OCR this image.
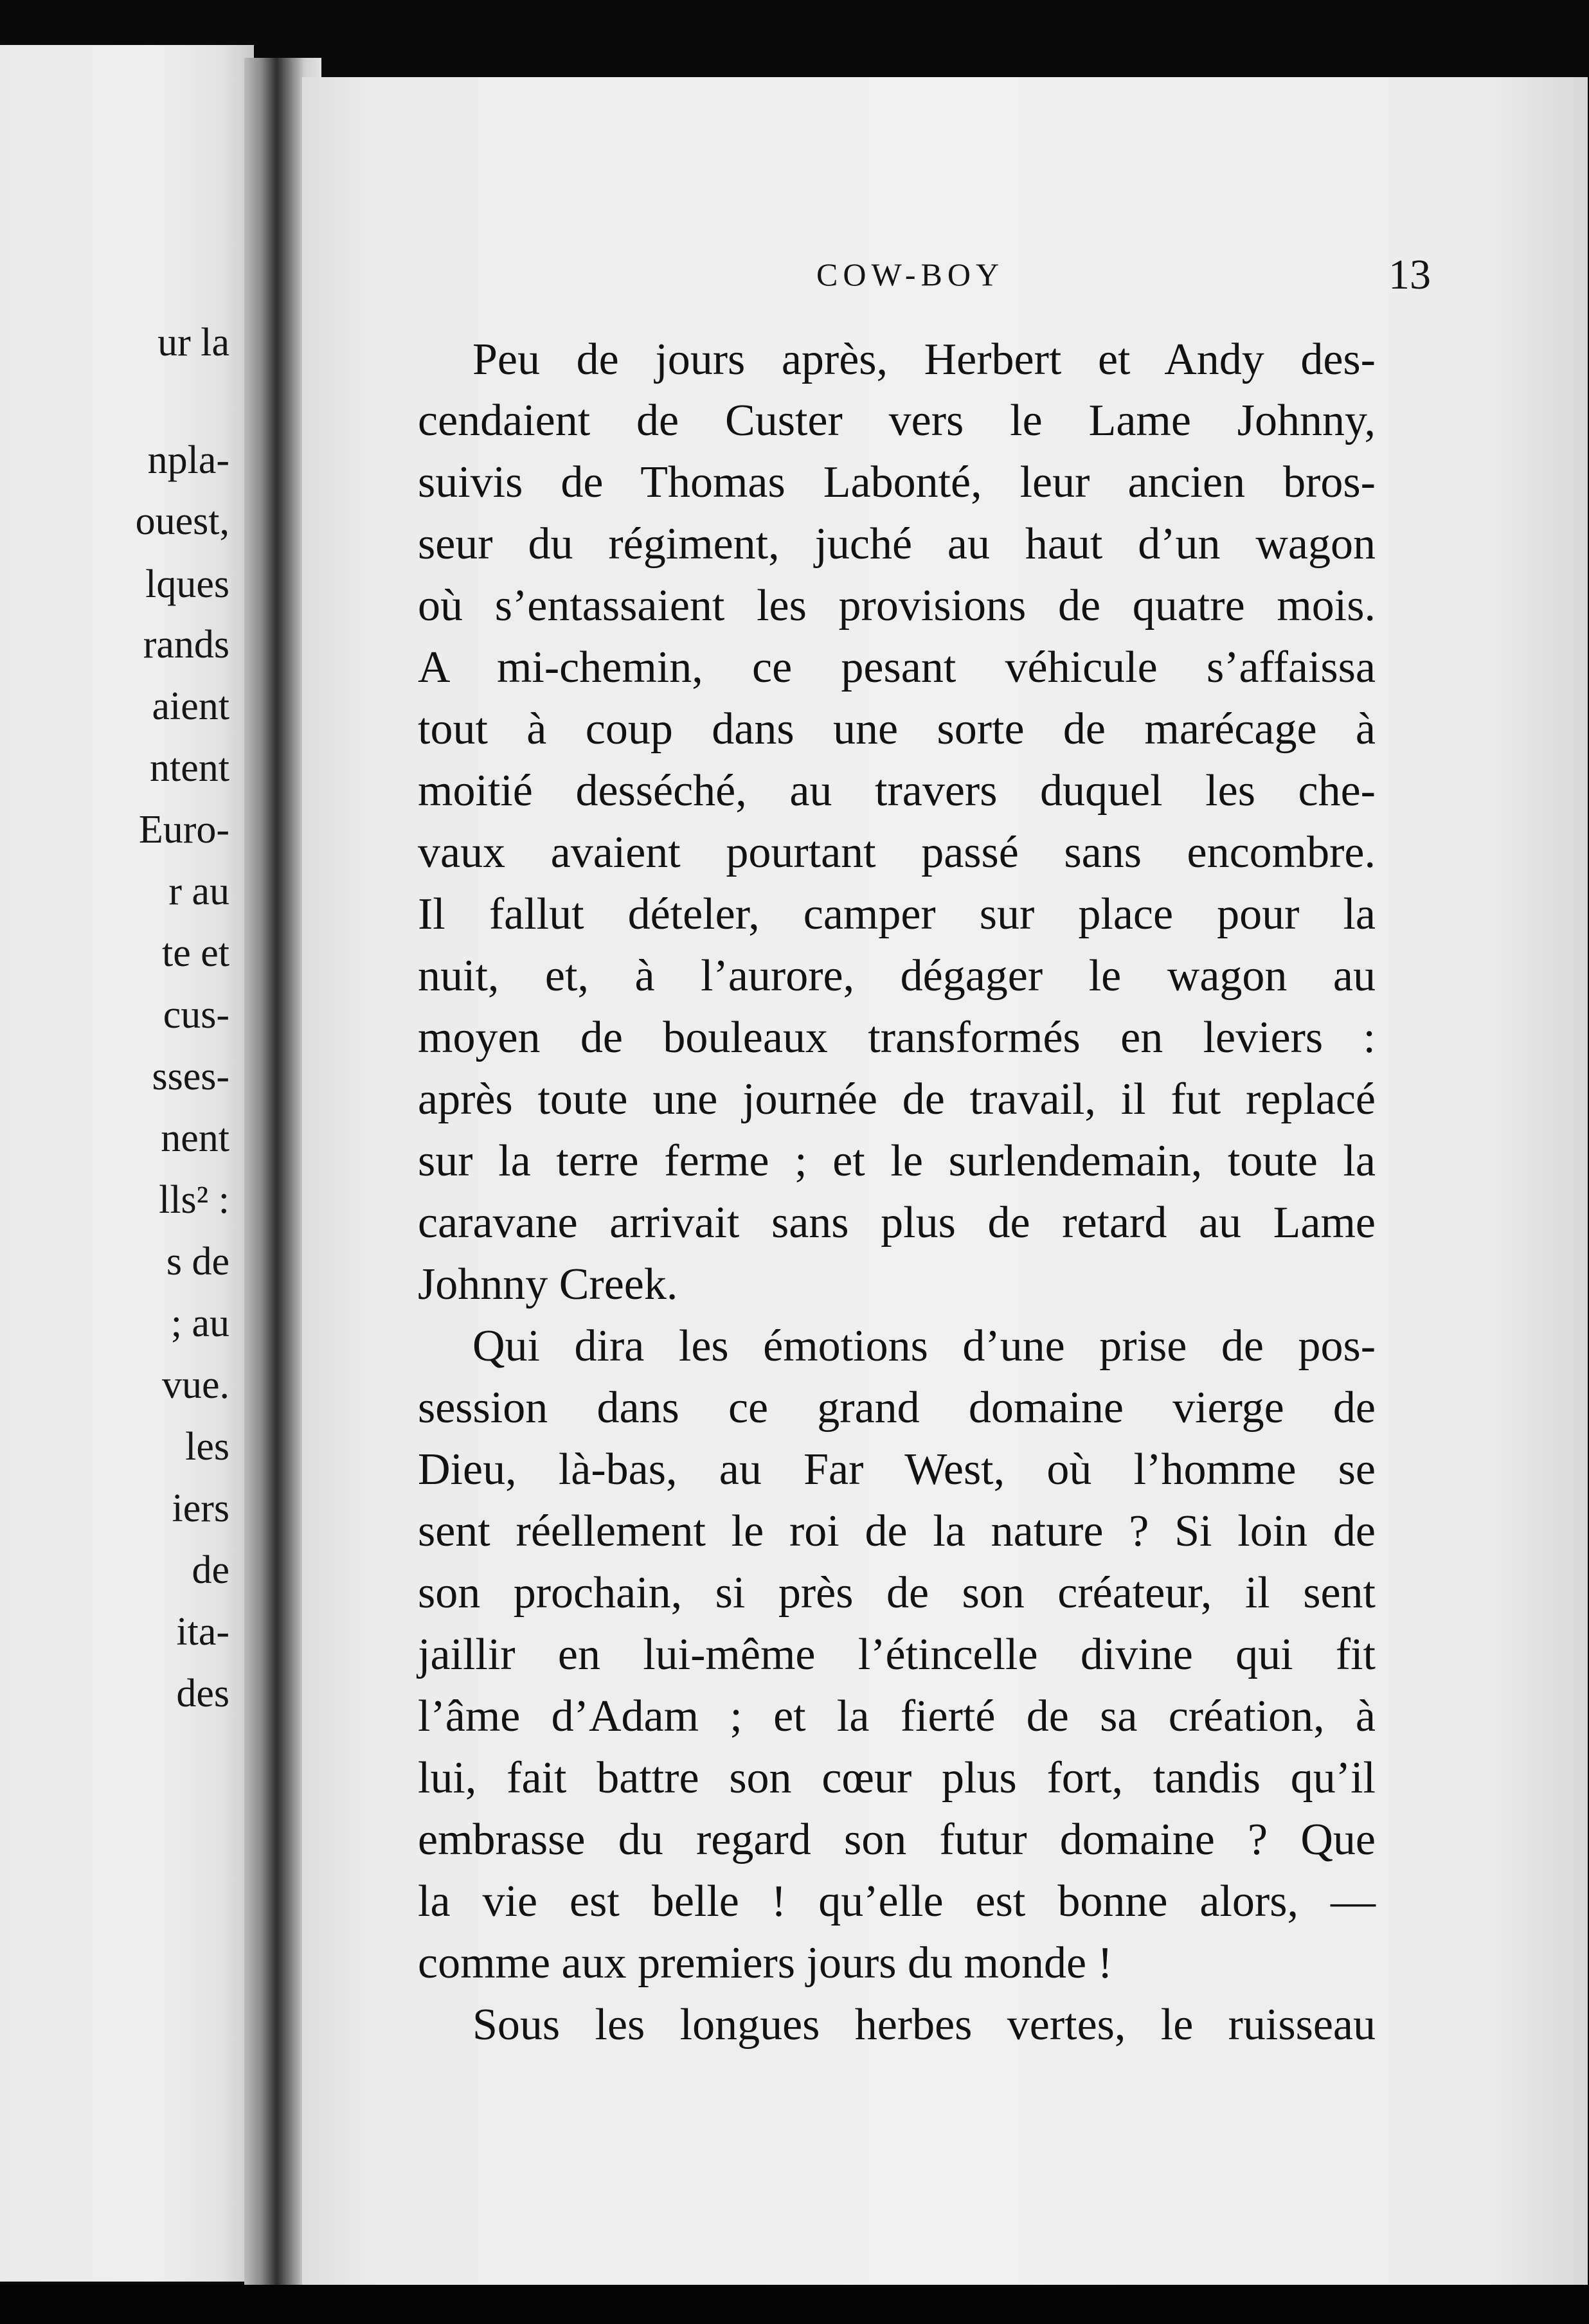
ur la

npla-

ouest,

lques

rands

aient

ntent

Euro-

r au

te et

cus-

sses-

nent

lls² :

s de

; au

vue.

les

iers

de

ita-

des

COW-BOY	13

Peu de jours après, Herbert et Andy des-

cendaient de Custer vers le Lame Johnny,

suivis de Thomas Labonté, leur ancien bros-

seur du régiment, juché au haut d’un wagon

où s’entassaient les provisions de quatre mois.

A mi-chemin, ce pesant véhicule s’affaissa

tout à coup dans une sorte de marécage à

moitié desséché, au travers duquel les che-

vaux avaient pourtant passé sans encombre.

Il fallut dételer, camper sur place pour la

nuit, et, à l’aurore, dégager le wagon au

moyen de bouleaux transformés en leviers :

après toute une journée de travail, il fut replacé

sur la terre ferme ; et le surlendemain, toute la

caravane arrivait sans plus de retard au Lame

Johnny Creek.

Qui dira les émotions d’une prise de pos-

session dans ce grand domaine vierge de

Dieu, là-bas, au Far West, où l’homme se

sent réellement le roi de la nature ? Si loin de

son prochain, si près de son créateur, il sent

jaillir en lui-même l’étincelle divine qui fit

l’âme d’Adam ; et la fierté de sa création, à

lui, fait battre son cœur plus fort, tandis qu’il

embrasse du regard son futur domaine ? Que

la vie est belle ! qu’elle est bonne alors, —

comme aux premiers jours du monde !

Sous les longues herbes vertes, le ruisseau
